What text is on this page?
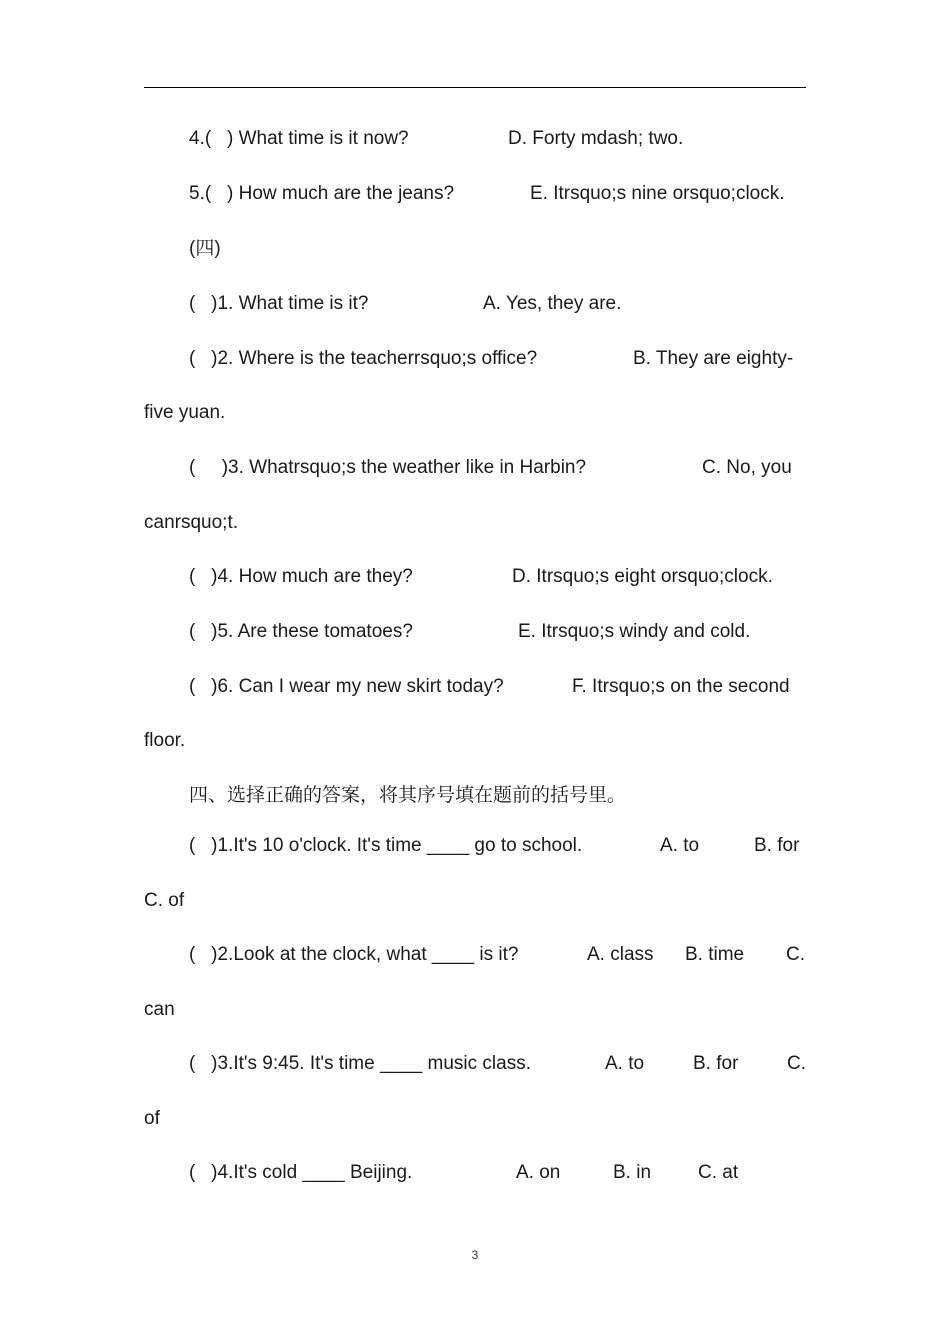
4.(   ) What time is it now?	D. Forty mdash; two.
5.(   ) How much are the jeans?	E. Itrsquo;s nine orsquo;clock.
(四)
(   )1. What time is it?	A. Yes, they are.
(   )2. Where is the teacherrsquo;s office?	B. They are eighty-
five yuan.
(     )3. Whatrsquo;s the weather like in Harbin?	C. No, you
canrsquo;t.
(   )4. How much are they?	D. Itrsquo;s eight orsquo;clock.
(   )5. Are these tomatoes?	E. Itrsquo;s windy and cold.
(   )6. Can I wear my new skirt today?	F. Itrsquo;s on the second
floor.
四、选择正确的答案，将其序号填在题前的括号里。
(   )1.It's 10 o'clock. It's time ____ go to school.	A. to	B. for
C. of
(   )2.Look at the clock, what ____ is it?	A. class B. time C.
can
(   )3.It's 9:45. It's time ____ music class.	A. to	B. for	C.
of
(   )4.It's cold ____ Beijing.	A. on	B. in C. at
3
